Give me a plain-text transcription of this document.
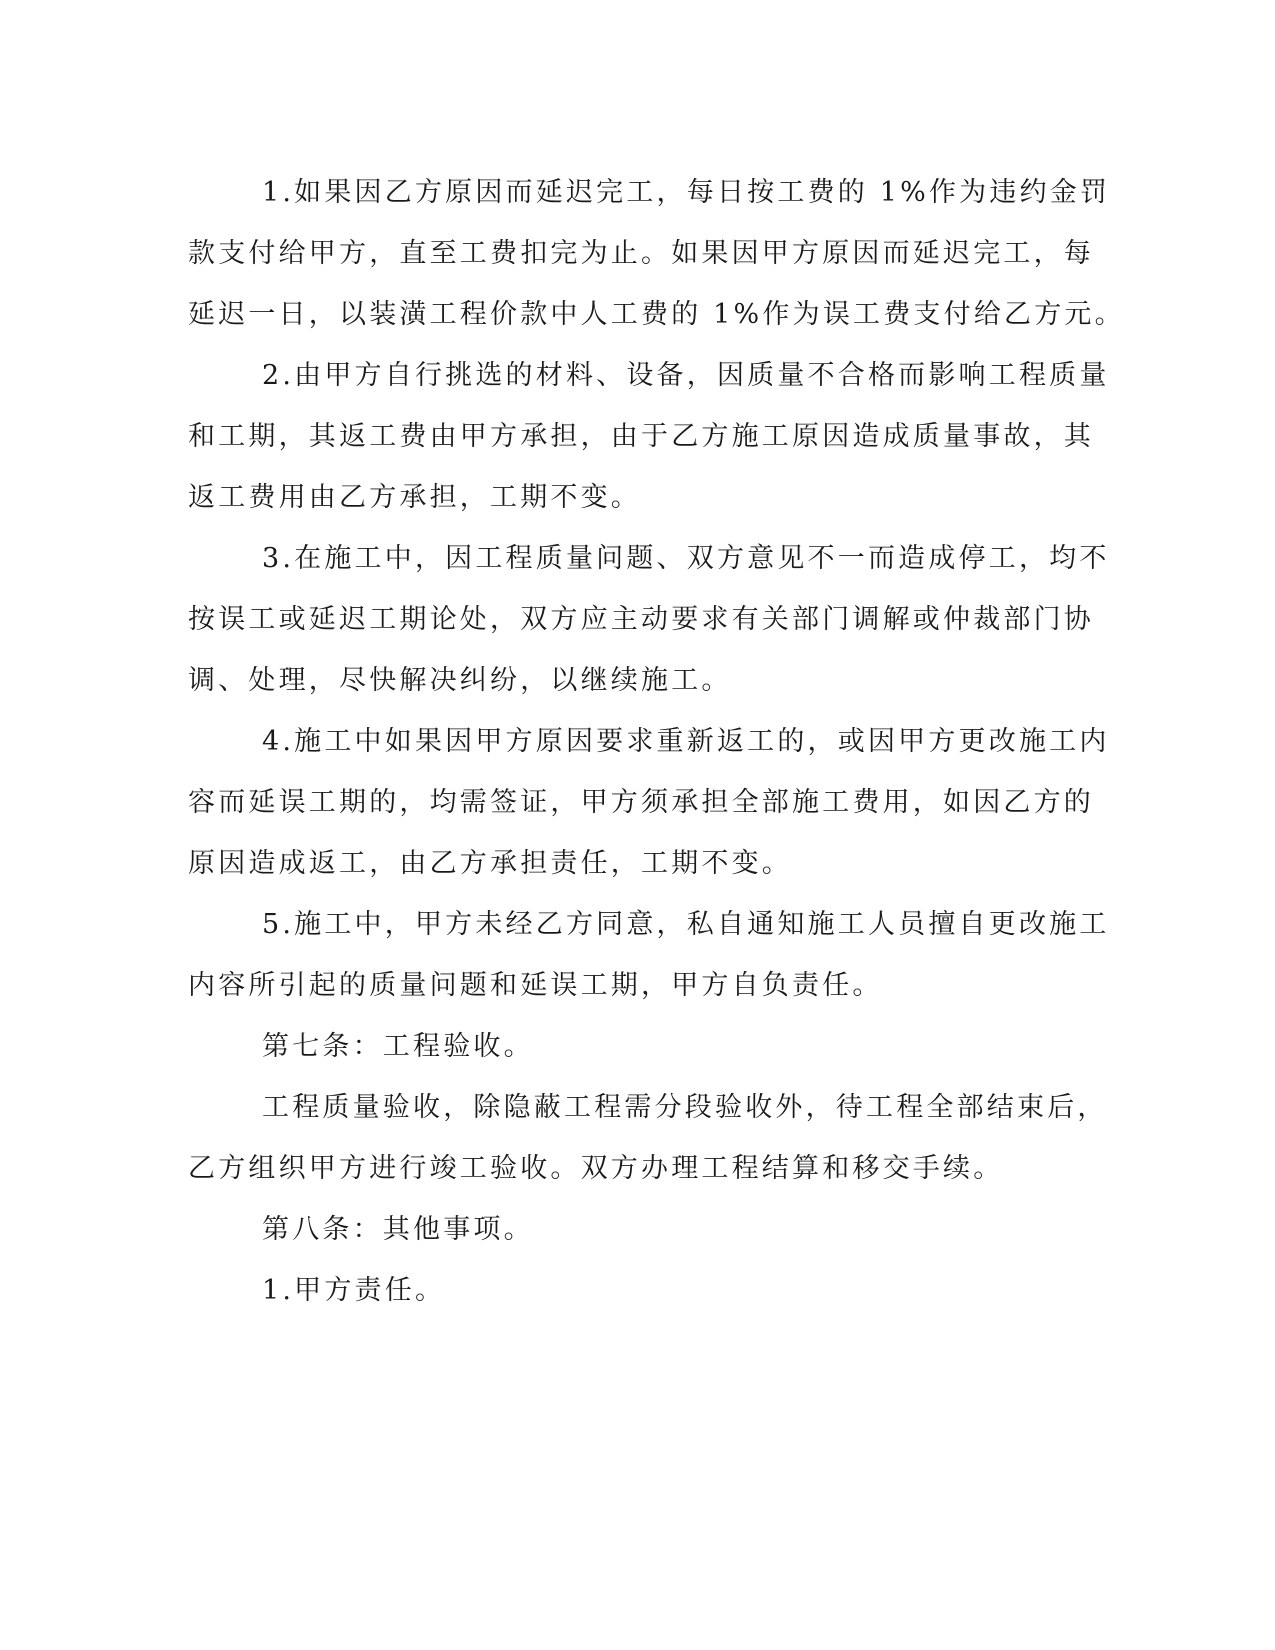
1.如果因乙方原因而延迟完工，每日按工费的 1%作为违约金罚
款支付给甲方，直至工费扣完为止。如果因甲方原因而延迟完工，每
延迟一日，以装潢工程价款中人工费的 1%作为误工费支付给乙方元。
2.由甲方自行挑选的材料、设备，因质量不合格而影响工程质量
和工期，其返工费由甲方承担，由于乙方施工原因造成质量事故，其
返工费用由乙方承担，工期不变。
3.在施工中，因工程质量问题、双方意见不一而造成停工，均不
按误工或延迟工期论处，双方应主动要求有关部门调解或仲裁部门协
调、处理，尽快解决纠纷，以继续施工。
4.施工中如果因甲方原因要求重新返工的，或因甲方更改施工内
容而延误工期的，均需签证，甲方须承担全部施工费用，如因乙方的
原因造成返工，由乙方承担责任，工期不变。
5.施工中，甲方未经乙方同意，私自通知施工人员擅自更改施工
内容所引起的质量问题和延误工期，甲方自负责任。
第七条：工程验收。
工程质量验收，除隐蔽工程需分段验收外，待工程全部结束后，
乙方组织甲方进行竣工验收。双方办理工程结算和移交手续。
第八条：其他事项。
1.甲方责任。
